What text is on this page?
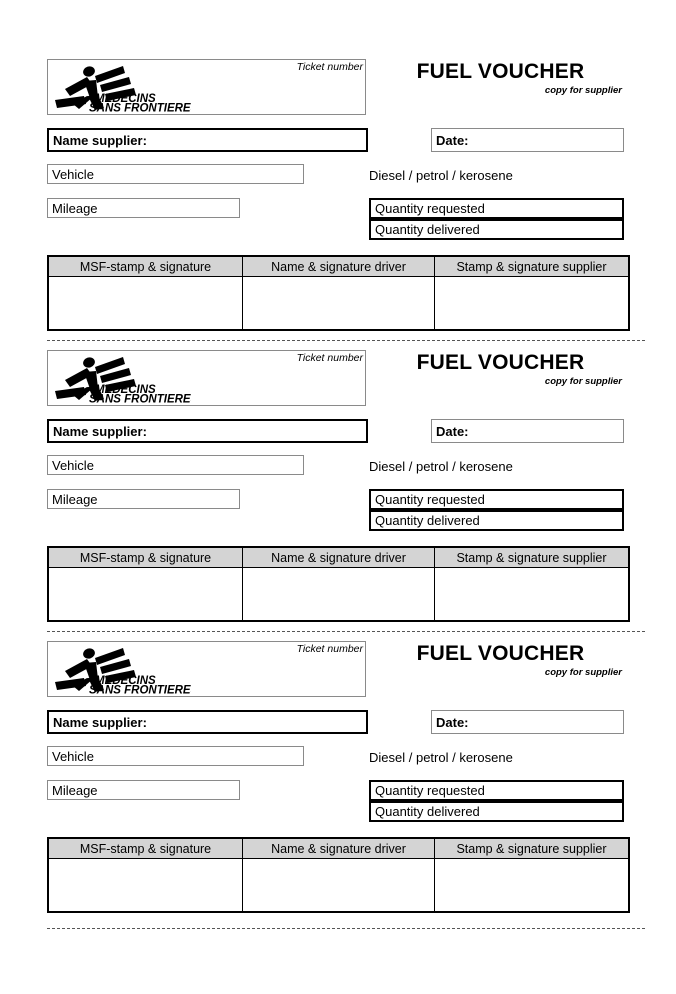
MEDECINS
SANS FRONTIERES
Ticket number	FUEL VOUCHER
copy for supplier
Name supplier:	Date:
Vehicle	Diesel / petrol / kerosene
Mileage	Quantity requested
Quantity delivered
MSF-stamp & signature	Name & signature driver	Stamp & signature supplier

MEDECINS
SANS FRONTIERES
Ticket number	FUEL VOUCHER
copy for supplier
Name supplier:	Date:
Vehicle	Diesel / petrol / kerosene
Mileage	Quantity requested
Quantity delivered
MSF-stamp & signature	Name & signature driver	Stamp & signature supplier

MEDECINS
SANS FRONTIERES
Ticket number	FUEL VOUCHER
copy for supplier
Name supplier:	Date:
Vehicle	Diesel / petrol / kerosene
Mileage	Quantity requested
Quantity delivered
MSF-stamp & signature	Name & signature driver	Stamp & signature supplier
